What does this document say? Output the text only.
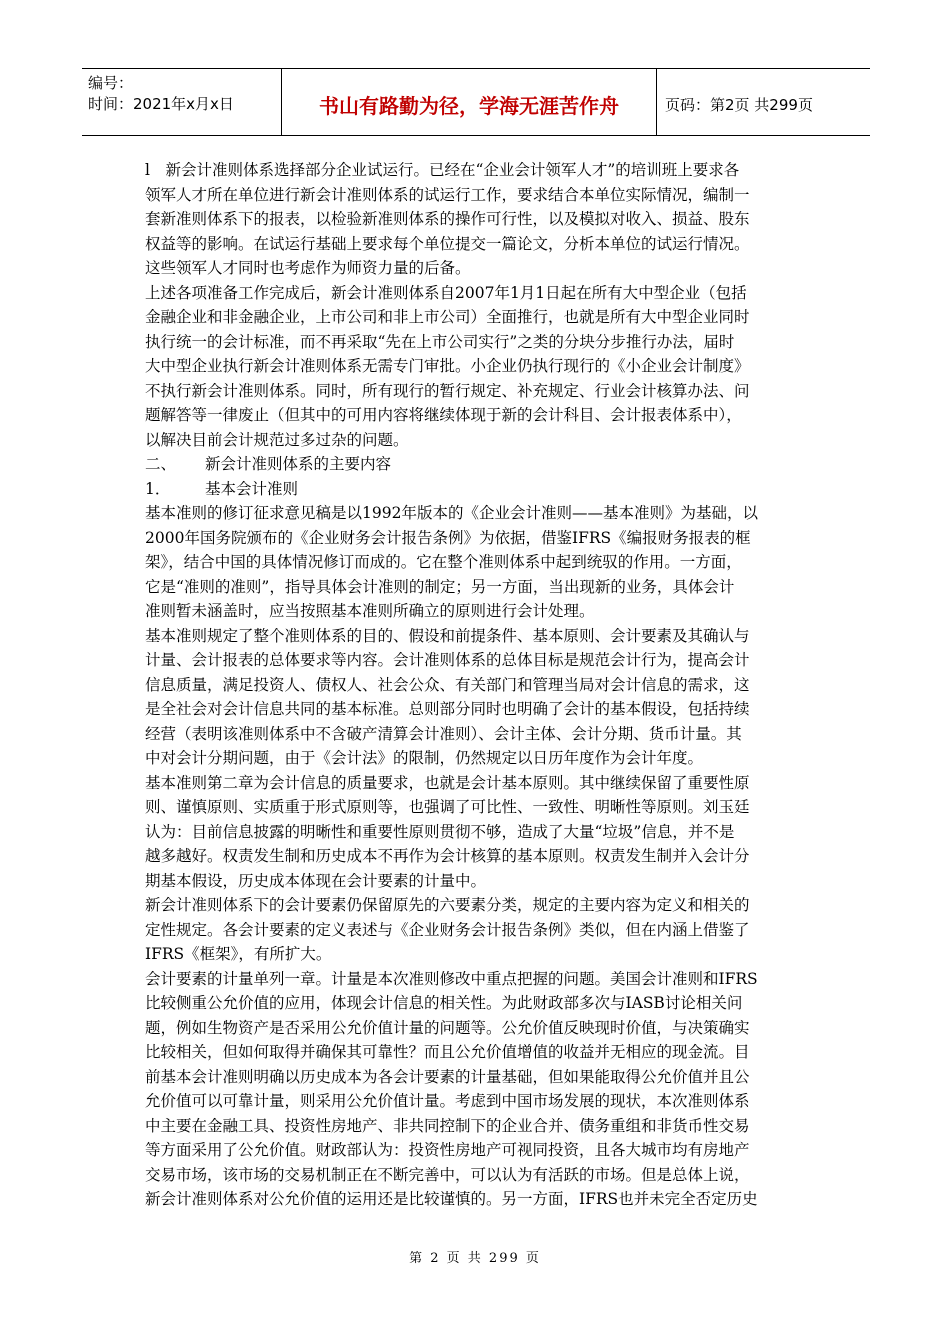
编号：
时间：2021年x月x日	书山有路勤为径，学海无涯苦作舟	页码：第2页 共299页
l　新会计准则体系选择部分企业试运行。已经在“企业会计领军人才”的培训班上要求各
领军人才所在单位进行新会计准则体系的试运行工作，要求结合本单位实际情况，编制一
套新准则体系下的报表，以检验新准则体系的操作可行性，以及模拟对收入、损益、股东
权益等的影响。在试运行基础上要求每个单位提交一篇论文，分析本单位的试运行情况。
这些领军人才同时也考虑作为师资力量的后备。
上述各项准备工作完成后，新会计准则体系自2007年1月1日起在所有大中型企业（包括
金融企业和非金融企业，上市公司和非上市公司）全面推行，也就是所有大中型企业同时
执行统一的会计标准，而不再采取“先在上市公司实行”之类的分块分步推行办法，届时
大中型企业执行新会计准则体系无需专门审批。小企业仍执行现行的《小企业会计制度》
不执行新会计准则体系。同时，所有现行的暂行规定、补充规定、行业会计核算办法、问
题解答等一律废止（但其中的可用内容将继续体现于新的会计科目、会计报表体系中），
以解决目前会计规范过多过杂的问题。
二、 新会计准则体系的主要内容
1． 基本会计准则
基本准则的修订征求意见稿是以1992年版本的《企业会计准则——基本准则》为基础，以
2000年国务院颁布的《企业财务会计报告条例》为依据，借鉴IFRS《编报财务报表的框
架》，结合中国的具体情况修订而成的。它在整个准则体系中起到统驭的作用。一方面，
它是“准则的准则”，指导具体会计准则的制定；另一方面，当出现新的业务，具体会计
准则暂未涵盖时，应当按照基本准则所确立的原则进行会计处理。
基本准则规定了整个准则体系的目的、假设和前提条件、基本原则、会计要素及其确认与
计量、会计报表的总体要求等内容。会计准则体系的总体目标是规范会计行为，提高会计
信息质量，满足投资人、债权人、社会公众、有关部门和管理当局对会计信息的需求，这
是全社会对会计信息共同的基本标准。总则部分同时也明确了会计的基本假设，包括持续
经营（表明该准则体系中不含破产清算会计准则）、会计主体、会计分期、货币计量。其
中对会计分期问题，由于《会计法》的限制，仍然规定以日历年度作为会计年度。
基本准则第二章为会计信息的质量要求，也就是会计基本原则。其中继续保留了重要性原
则、谨慎原则、实质重于形式原则等，也强调了可比性、一致性、明晰性等原则。刘玉廷
认为：目前信息披露的明晰性和重要性原则贯彻不够，造成了大量“垃圾”信息，并不是
越多越好。权责发生制和历史成本不再作为会计核算的基本原则。权责发生制并入会计分
期基本假设，历史成本体现在会计要素的计量中。
新会计准则体系下的会计要素仍保留原先的六要素分类，规定的主要内容为定义和相关的
定性规定。各会计要素的定义表述与《企业财务会计报告条例》类似，但在内涵上借鉴了
IFRS《框架》，有所扩大。
会计要素的计量单列一章。计量是本次准则修改中重点把握的问题。美国会计准则和IFRS
比较侧重公允价值的应用，体现会计信息的相关性。为此财政部多次与IASB讨论相关问
题，例如生物资产是否采用公允价值计量的问题等。公允价值反映现时价值，与决策确实
比较相关，但如何取得并确保其可靠性？而且公允价值增值的收益并无相应的现金流。目
前基本会计准则明确以历史成本为各会计要素的计量基础，但如果能取得公允价值并且公
允价值可以可靠计量，则采用公允价值计量。考虑到中国市场发展的现状，本次准则体系
中主要在金融工具、投资性房地产、非共同控制下的企业合并、债务重组和非货币性交易
等方面采用了公允价值。财政部认为：投资性房地产可视同投资，且各大城市均有房地产
交易市场，该市场的交易机制正在不断完善中，可以认为有活跃的市场。但是总体上说，
新会计准则体系对公允价值的运用还是比较谨慎的。另一方面，IFRS也并未完全否定历史
第 2 页 共 299 页
